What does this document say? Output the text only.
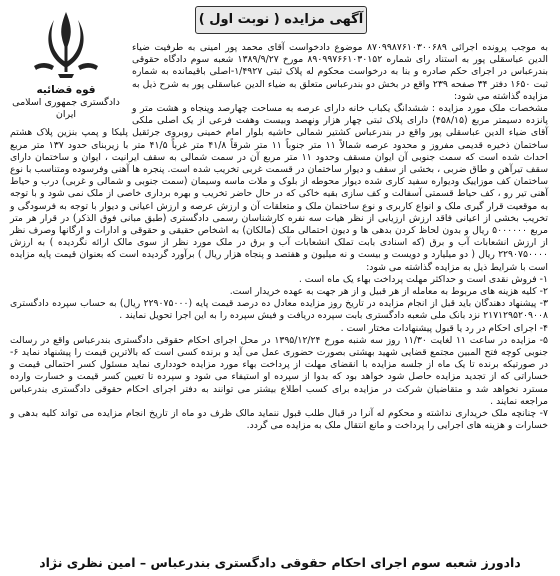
آگهی مزایده ( نوبت اول )
قوه قضائیه
دادگستری جمهوری اسلامی ایران

به موجب پرونده اجرائی ۸۷۰۹۹۸۷۶۱۰۳۰۰۶۸۹ موضوع دادخواست آقای محمد پور امینی به طرفیت ضیاء الدین عباسقلی پور به استناد رای شماره ۸۹۰۹۹۷۶۶۱۰۳۰۱۵۲ مورخ ۱۳۸۹/۹/۲۷ شعبه سوم دادگاه حقوقی بندرعباس در اجرای حکم صادره و بنا به درخواست محکوم له پلاک ثبتی ۱/۴۹۲۷-اصلی باقیمانده به شماره ثبت ۱۶۵۰ دفتر ۳۴ صفحه ۲۳۹ واقع در بخش دو بندرعباس متعلق به ضیاء الدین عباسقلی پور به شرح ذیل به مزایده گذاشته می شود:

مشخصات ملک مورد مزایده : ششدانگ یکباب خانه دارای عرصه به مساحت چهارصد وپنجاه و هشت متر و پانزده دسیمتر مربع (۴۵۸/۱۵) دارای پلاک ثبتی چهار هزار ونهصد وبیست وهفت فرعی از یک اصلی ملکی آقای ضیاء الدین عباسقلی پور واقع در بندرعباس کشتیر شمالی حاشیه بلوار امام خمینی روبروی جرثقیل پلیکا و پمپ بنزین پلاک هشتم ساختمان ذخیره قدیمی مفروز و محدود عرصه شمالاً ۱۱ متر جنوباً ۱۱ متر شرقاً ۴۱/۸ متر غرباً ۴۱/۵ متر با زیربنای حدود ۱۳۷ متر مربع احداث شده است که سمت جنوبی آن ایوان مسقف وحدود ۱۱ متر مربع آن در سمت شمالی به سقف ایرانیت ، ایوان و ساختمان دارای سقف تیرآهن و طاق ضربی ، بخشی از سقف و دیوار ساختمان در قسمت غربی تخریب شده است. پنجره ها آهنی وفرسوده ومتناسب با نوع ساختمان کف موزاییک ودیواره سفید کاری شده دیوار محوطه از بلوک و ملات ماسه وسیمان (سمت جنوبی و شمالی و غربی) درب و حیاط آهنی تیر رو ، کف حیاط قسمتی آسفالت و کف سازی بقیه خاکی که در حال حاضر تخریب و بهره برداری خاصی از ملک نمی شود و با توجه به موقعیت قرار گیری ملک و انواع کاربری و نوع ساختمان ملک و متعلقات آن و ارزش عرصه و ارزش اعیانی و دیوار با توجه به فرسودگی و تخریب بخشی از اعیانی فاقد ارزش ارزیابی از نظر هیات سه نفره کارشناسان رسمی دادگستری (طبق مبانی فوق الذکر) در قرار هر متر مربع ۵۰۰۰۰۰۰ ریال و بدون لحاظ کردن بدهی ها و دیون احتمالی ملک (مالکان) به اشخاص حقیقی و حقوقی و ادارات و ارگانها وصرف نظر از ارزش انشعابات آب و برق (که اسنادی بابت تملک انشعابات آب و برق در ملک مورد نظر از سوی مالک ارائه نگردیده ) به ارزش ۲۲۹۰۷۵۰۰۰۰ ریال ( دو میلیارد و دویست و بیست و نه میلیون و هفتصد و پنجاه هزار ریال ) برآورد گردیده است که بعنوان قیمت پایه مزایده است با شرایط ذیل به مزایده گذاشته می شود:

۱- فروش نقدی است و حداکثر مهلت پرداخت بهاء یک ماه است .

۲- کلیه هزینه های مربوط به معامله از هر قبیل و از هر جهت به عهده خریدار است.

۳- پیشنهاد دهندگان باید قبل از انجام مزایده در تاریخ روز مزایده معادل ده درصد قیمت پایه (۲۲۹۰۷۵۰۰۰ ریال) به حساب سپرده دادگستری ۲۱۷۱۲۹۵۲۰۹۰۰۸ نزد بانک ملی شعبه دادگستری بابت سپرده دریافت و فیش سپرده را به این اجرا تحویل نمایند .

۴- اجرای احکام در رد یا قبول پیشنهادات مختار است .

۵- مزایده در ساعت ۱۱ لغایت ۱۱/۳۰ روز سه شنبه مورخ ۱۳۹۵/۱۲/۲۴ در محل اجرای احکام حقوقی دادگستری بندرعباس واقع در رسالت جنوبی کوچه فتح المبین مجتمع قضایی شهید بهشتی بصورت حضوری عمل می آید و برنده کسی است که بالاترین قیمت را پیشنهاد نماید ۶- در صورتیکه برنده تا یک ماه از جلسه مزایده با انقضای مهلت از پرداخت بهاء مورد مزایده خودداری نماید مسئول کسر احتمالی قیمت و خساراتی که از تجدید مزایده حاصل شود خواهد بود که بدوا از سپرده او استیفاء می شود و سپرده تا تعیین کسر قیمت و خسارت وارده مسترد نخواهد شد و متقاضیان شرکت در مزایده برای کسب اطلاع بیشتر می توانند به دفتر اجرای احکام حقوقی دادگستری بندرعباس مراجعه نمایند .

۷- چنانچه ملک خریداری نداشته و محکوم له آنرا در قبال طلب قبول ننماید مالک ظرف دو ماه از تاریخ انجام مزایده می تواند کلیه بدهی و خسارات و هزینه های اجرایی را پرداخت و مانع انتقال ملک به مزایده می گردد.

دادورز شعبه سوم اجرای احکام حقوقی دادگستری بندرعباس – امین نظری نژاد
